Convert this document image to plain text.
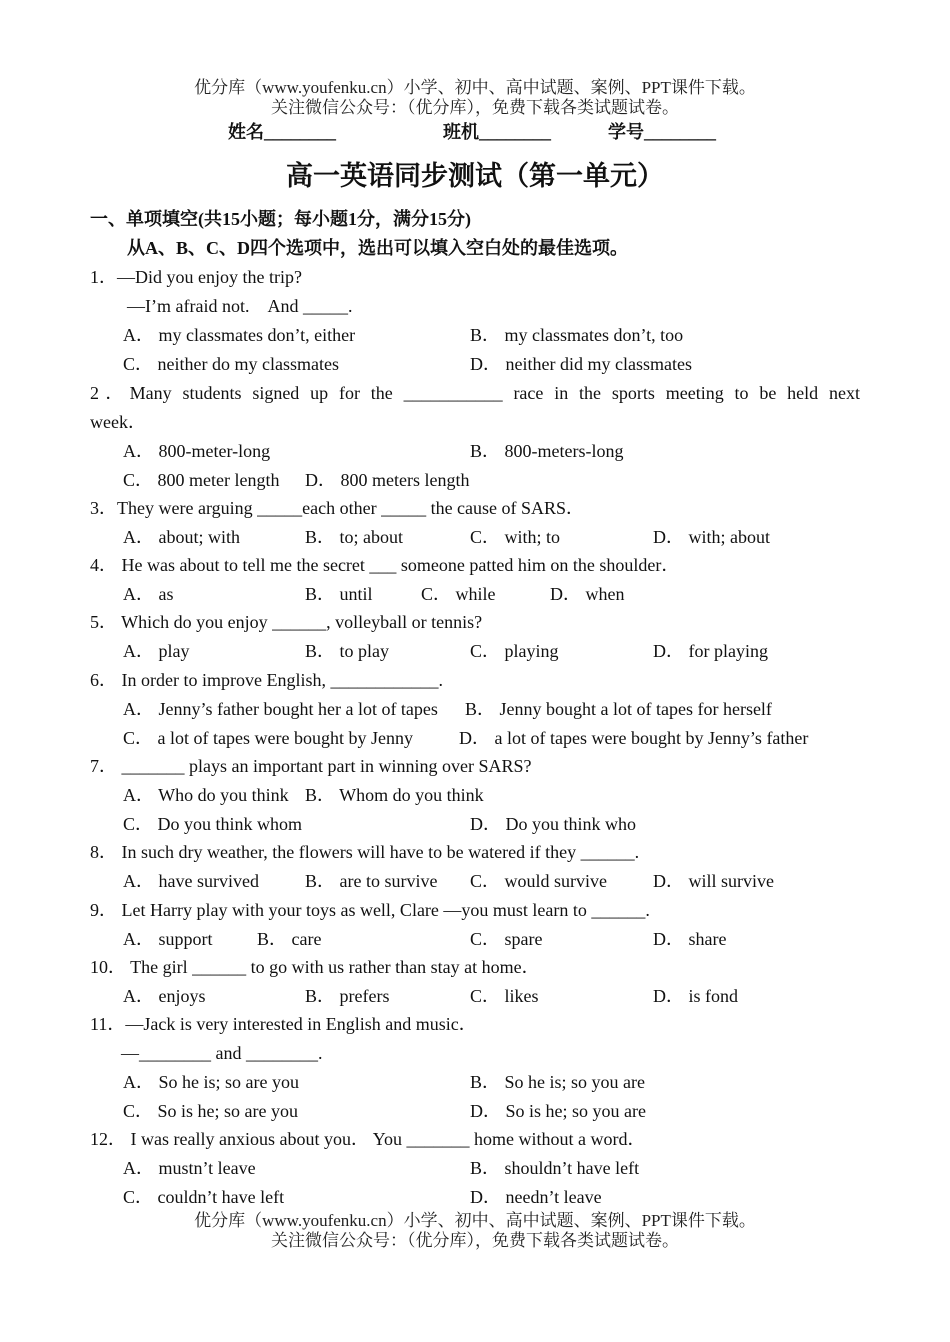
优分库（www.youfenku.cn）小学、初中、高中试题、案例、PPT课件下载。
关注微信公众号：（优分库），免费下载各类试题试卷。
姓名________	班机________	学号________
高一英语同步测试（第一单元）
一、单项填空(共15小题；每小题1分，满分15分)
从A、B、C、D四个选项中，选出可以填入空白处的最佳选项。
1．—Did you enjoy the trip?
—I’m afraid not.　And _____.
A． my classmates don’t, either	B． my classmates don’t, too
C． neither do my classmates	D． neither did my classmates
2．Many students signed up for the ___________ race in the sports meeting to be held next
week．
A． 800-meter-long	B． 800-meters-long
C． 800 meter length D． 800 meters length
3．They were arguing _____each other _____ the cause of SARS．
A． about; with	B． to; about	C． with; to	D． with; about
4． He was about to tell me the secret ___ someone patted him on the shoulder．
A． as	B． until	C． while	D． when
5． Which do you enjoy ______, volleyball or tennis?
A． play	B． to play	C． playing	D． for playing
6． In order to improve English, ____________.
A． Jenny’s father bought her a lot of tapes B． Jenny bought a lot of tapes for herself
C． a lot of tapes were bought by Jenny	D． a lot of tapes were bought by Jenny’s father
7． _______ plays an important part in winning over SARS?
A． Who do you think B． Whom do you think
C． Do you think whom	D． Do you think who
8． In such dry weather, the flowers will have to be watered if they ______.
A． have survived	B． are to survive C． would survive	D． will survive
9． Let Harry play with your toys as well, Clare —you must learn to ______.
A． support B． care	C． spare	D． share
10． The girl ______ to go with us rather than stay at home．
A． enjoys	B． prefers	C． likes	D． is fond
11．—Jack is very interested in English and music．
—________ and ________.
A． So he is; so are you	B． So he is; so you are
C． So is he; so are you	D． So is he; so you are
12． I was really anxious about you． You _______ home without a word．
A． mustn’t leave	B． shouldn’t have left
C． couldn’t have left	D． needn’t leave
优分库（www.youfenku.cn）小学、初中、高中试题、案例、PPT课件下载。
关注微信公众号：（优分库），免费下载各类试题试卷。
